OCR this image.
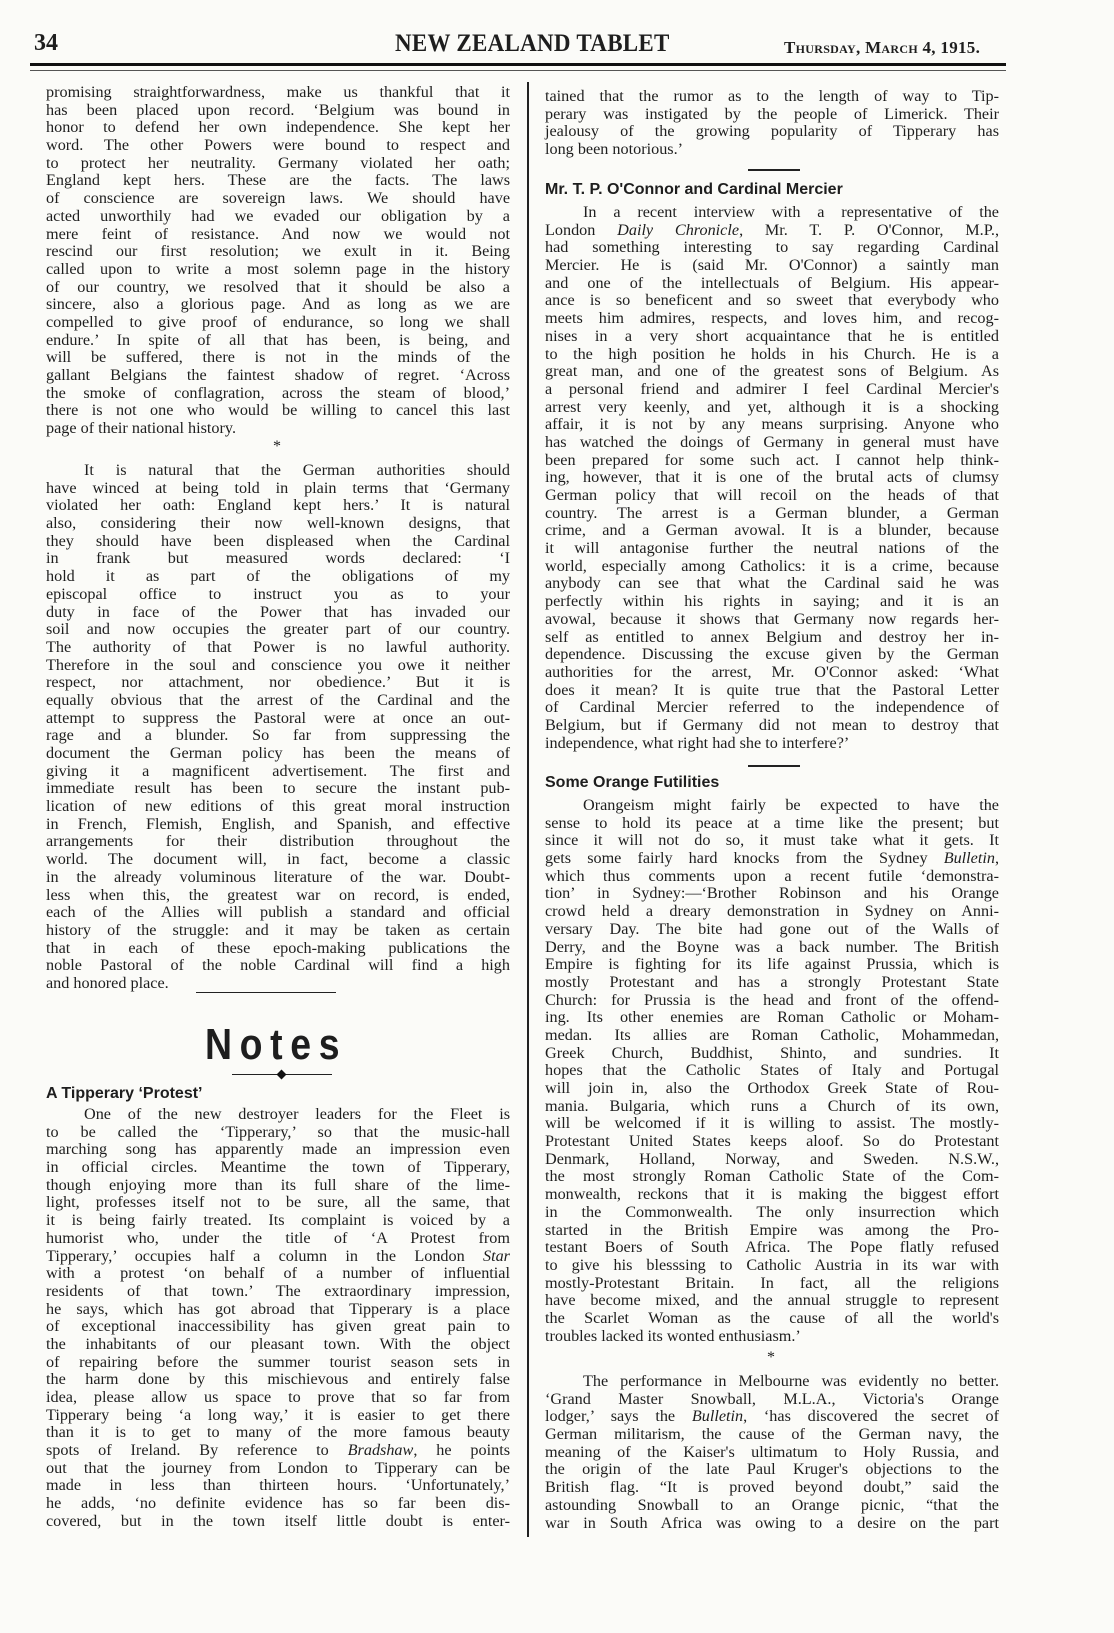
34	NEW ZEALAND TABLET	Thursday, March 4, 1915.
promising straightforwardness, make us thankful that it
has been placed upon record. ‘Belgium was bound in
honor to defend her own independence. She kept her
word. The other Powers were bound to respect and
to protect her neutrality. Germany violated her oath;
England kept hers. These are the facts. The laws
of conscience are sovereign laws. We should have
acted unworthily had we evaded our obligation by a
mere feint of resistance. And now we would not
rescind our first resolution; we exult in it. Being
called upon to write a most solemn page in the history
of our country, we resolved that it should be also a
sincere, also a glorious page. And as long as we are
compelled to give proof of endurance, so long we shall
endure.’ In spite of all that has been, is being, and
will be suffered, there is not in the minds of the
gallant Belgians the faintest shadow of regret. ‘Across
the smoke of conflagration, across the steam of blood,’
there is not one who would be willing to cancel this last
page of their national history.
*
It is natural that the German authorities should
have winced at being told in plain terms that ‘Germany
violated her oath: England kept hers.’ It is natural
also, considering their now well-known designs, that
they should have been displeased when the Cardinal
in frank but measured words declared: ‘I
hold it as part of the obligations of my
episcopal office to instruct you as to your
duty in face of the Power that has invaded our
soil and now occupies the greater part of our country.
The authority of that Power is no lawful authority.
Therefore in the soul and conscience you owe it neither
respect, nor attachment, nor obedience.’ But it is
equally obvious that the arrest of the Cardinal and the
attempt to suppress the Pastoral were at once an out-
rage and a blunder. So far from suppressing the
document the German policy has been the means of
giving it a magnificent advertisement. The first and
immediate result has been to secure the instant pub-
lication of new editions of this great moral instruction
in French, Flemish, English, and Spanish, and effective
arrangements for their distribution throughout the
world. The document will, in fact, become a classic
in the already voluminous literature of the war. Doubt-
less when this, the greatest war on record, is ended,
each of the Allies will publish a standard and official
history of the struggle: and it may be taken as certain
that in each of these epoch-making publications the
noble Pastoral of the noble Cardinal will find a high
and honored place.
Notes
A Tipperary ‘Protest’
One of the new destroyer leaders for the Fleet is
to be called the ‘Tipperary,’ so that the music-hall
marching song has apparently made an impression even
in official circles. Meantime the town of Tipperary,
though enjoying more than its full share of the lime-
light, professes itself not to be sure, all the same, that
it is being fairly treated. Its complaint is voiced by a
humorist who, under the title of ‘A Protest from
Tipperary,’ occupies half a column in the London Star
with a protest ‘on behalf of a number of influential
residents of that town.’ The extraordinary impression,
he says, which has got abroad that Tipperary is a place
of exceptional inaccessibility has given great pain to
the inhabitants of our pleasant town. With the object
of repairing before the summer tourist season sets in
the harm done by this mischievous and entirely false
idea, please allow us space to prove that so far from
Tipperary being ‘a long way,’ it is easier to get there
than it is to get to many of the more famous beauty
spots of Ireland. By reference to Bradshaw, he points
out that the journey from London to Tipperary can be
made in less than thirteen hours. ‘Unfortunately,’
he adds, ‘no definite evidence has so far been dis-
covered, but in the town itself little doubt is enter-
tained that the rumor as to the length of way to Tip-
perary was instigated by the people of Limerick. Their
jealousy of the growing popularity of Tipperary has
long been notorious.’
Mr. T. P. O'Connor and Cardinal Mercier
In a recent interview with a representative of the
London Daily Chronicle, Mr. T. P. O'Connor, M.P.,
had something interesting to say regarding Cardinal
Mercier. He is (said Mr. O'Connor) a saintly man
and one of the intellectuals of Belgium. His appear-
ance is so beneficent and so sweet that everybody who
meets him admires, respects, and loves him, and recog-
nises in a very short acquaintance that he is entitled
to the high position he holds in his Church. He is a
great man, and one of the greatest sons of Belgium. As
a personal friend and admirer I feel Cardinal Mercier's
arrest very keenly, and yet, although it is a shocking
affair, it is not by any means surprising. Anyone who
has watched the doings of Germany in general must have
been prepared for some such act. I cannot help think-
ing, however, that it is one of the brutal acts of clumsy
German policy that will recoil on the heads of that
country. The arrest is a German blunder, a German
crime, and a German avowal. It is a blunder, because
it will antagonise further the neutral nations of the
world, especially among Catholics: it is a crime, because
anybody can see that what the Cardinal said he was
perfectly within his rights in saying; and it is an
avowal, because it shows that Germany now regards her-
self as entitled to annex Belgium and destroy her in-
dependence. Discussing the excuse given by the German
authorities for the arrest, Mr. O'Connor asked: ‘What
does it mean? It is quite true that the Pastoral Letter
of Cardinal Mercier referred to the independence of
Belgium, but if Germany did not mean to destroy that
independence, what right had she to interfere?’
Some Orange Futilities
Orangeism might fairly be expected to have the
sense to hold its peace at a time like the present; but
since it will not do so, it must take what it gets. It
gets some fairly hard knocks from the Sydney Bulletin,
which thus comments upon a recent futile ‘demonstra-
tion’ in Sydney:—‘Brother Robinson and his Orange
crowd held a dreary demonstration in Sydney on Anni-
versary Day. The bite had gone out of the Walls of
Derry, and the Boyne was a back number. The British
Empire is fighting for its life against Prussia, which is
mostly Protestant and has a strongly Protestant State
Church: for Prussia is the head and front of the offend-
ing. Its other enemies are Roman Catholic or Moham-
medan. Its allies are Roman Catholic, Mohammedan,
Greek Church, Buddhist, Shinto, and sundries. It
hopes that the Catholic States of Italy and Portugal
will join in, also the Orthodox Greek State of Rou-
mania. Bulgaria, which runs a Church of its own,
will be welcomed if it is willing to assist. The mostly-
Protestant United States keeps aloof. So do Protestant
Denmark, Holland, Norway, and Sweden. N.S.W.,
the most strongly Roman Catholic State of the Com-
monwealth, reckons that it is making the biggest effort
in the Commonwealth. The only insurrection which
started in the British Empire was among the Pro-
testant Boers of South Africa. The Pope flatly refused
to give his blesssing to Catholic Austria in its war with
mostly-Protestant Britain. In fact, all the religions
have become mixed, and the annual struggle to represent
the Scarlet Woman as the cause of all the world's
troubles lacked its wonted enthusiasm.’
*
The performance in Melbourne was evidently no better.
‘Grand Master Snowball, M.L.A., Victoria's Orange
lodger,’ says the Bulletin, ‘has discovered the secret of
German militarism, the cause of the German navy, the
meaning of the Kaiser's ultimatum to Holy Russia, and
the origin of the late Paul Kruger's objections to the
British flag. “It is proved beyond doubt,” said the
astounding Snowball to an Orange picnic, “that the
war in South Africa was owing to a desire on the part
